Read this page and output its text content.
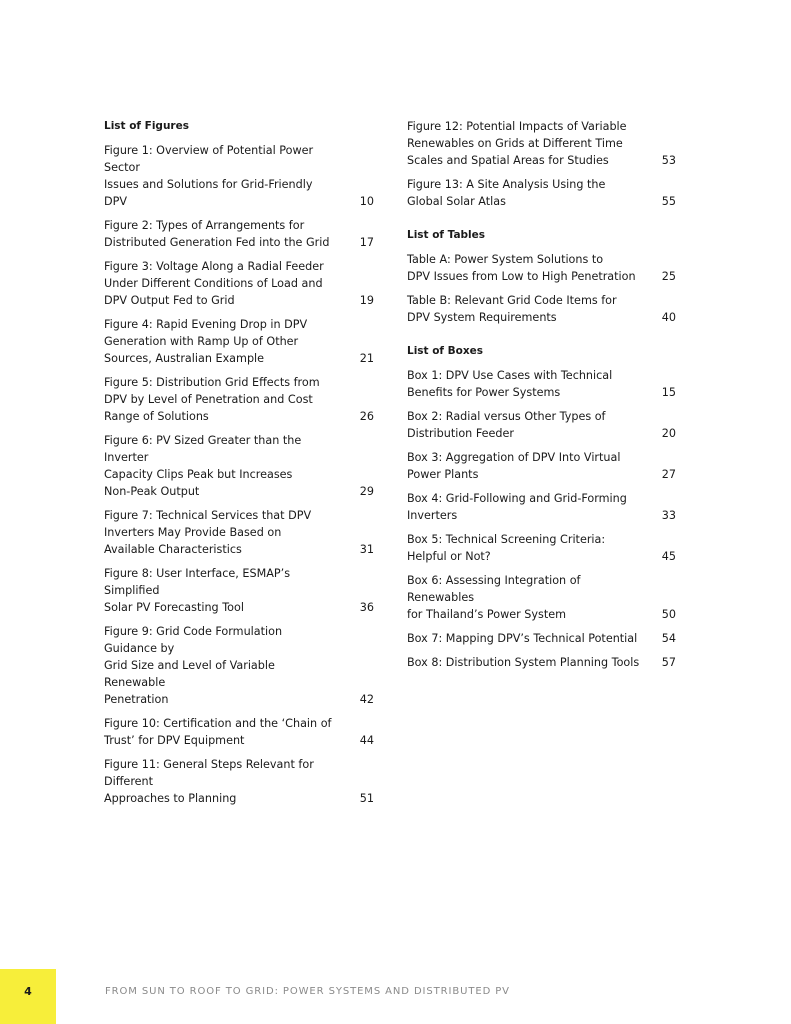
List of Figures
Figure 1: Overview of Potential Power Sector
Issues and Solutions for Grid-Friendly DPV	10
Figure 2: Types of Arrangements for
Distributed Generation Fed into the Grid	17
Figure 3: Voltage Along a Radial Feeder
Under Different Conditions of Load and
DPV Output Fed to Grid	19
Figure 4: Rapid Evening Drop in DPV
Generation with Ramp Up of Other
Sources, Australian Example	21
Figure 5: Distribution Grid Effects from
DPV by Level of Penetration and Cost
Range of Solutions	26
Figure 6: PV Sized Greater than the Inverter
Capacity Clips Peak but Increases
Non-Peak Output	29
Figure 7: Technical Services that DPV
Inverters May Provide Based on
Available Characteristics	31
Figure 8: User Interface, ESMAP’s Simplified
Solar PV Forecasting Tool	36
Figure 9: Grid Code Formulation Guidance by
Grid Size and Level of Variable Renewable
Penetration	42
Figure 10: Certification and the ‘Chain of
Trust’ for DPV Equipment	44
Figure 11: General Steps Relevant for Different
Approaches to Planning	51
Figure 12: Potential Impacts of Variable
Renewables on Grids at Different Time
Scales and Spatial Areas for Studies	53
Figure 13: A Site Analysis Using the
Global Solar Atlas	55
List of Tables
Table A: Power System Solutions to
DPV Issues from Low to High Penetration	25
Table B: Relevant Grid Code Items for
DPV System Requirements	40
List of Boxes
Box 1: DPV Use Cases with Technical
Benefits for Power Systems	15
Box 2: Radial versus Other Types of
Distribution Feeder	20
Box 3: Aggregation of DPV Into Virtual
Power Plants	27
Box 4: Grid-Following and Grid-Forming
Inverters	33
Box 5: Technical Screening Criteria:
Helpful or Not?	45
Box 6: Assessing Integration of Renewables
for Thailand’s Power System	50
Box 7: Mapping DPV’s Technical Potential 54
Box 8: Distribution System Planning Tools 57
4	FROM SUN TO ROOF TO GRID: POWER SYSTEMS AND DISTRIBUTED PV
